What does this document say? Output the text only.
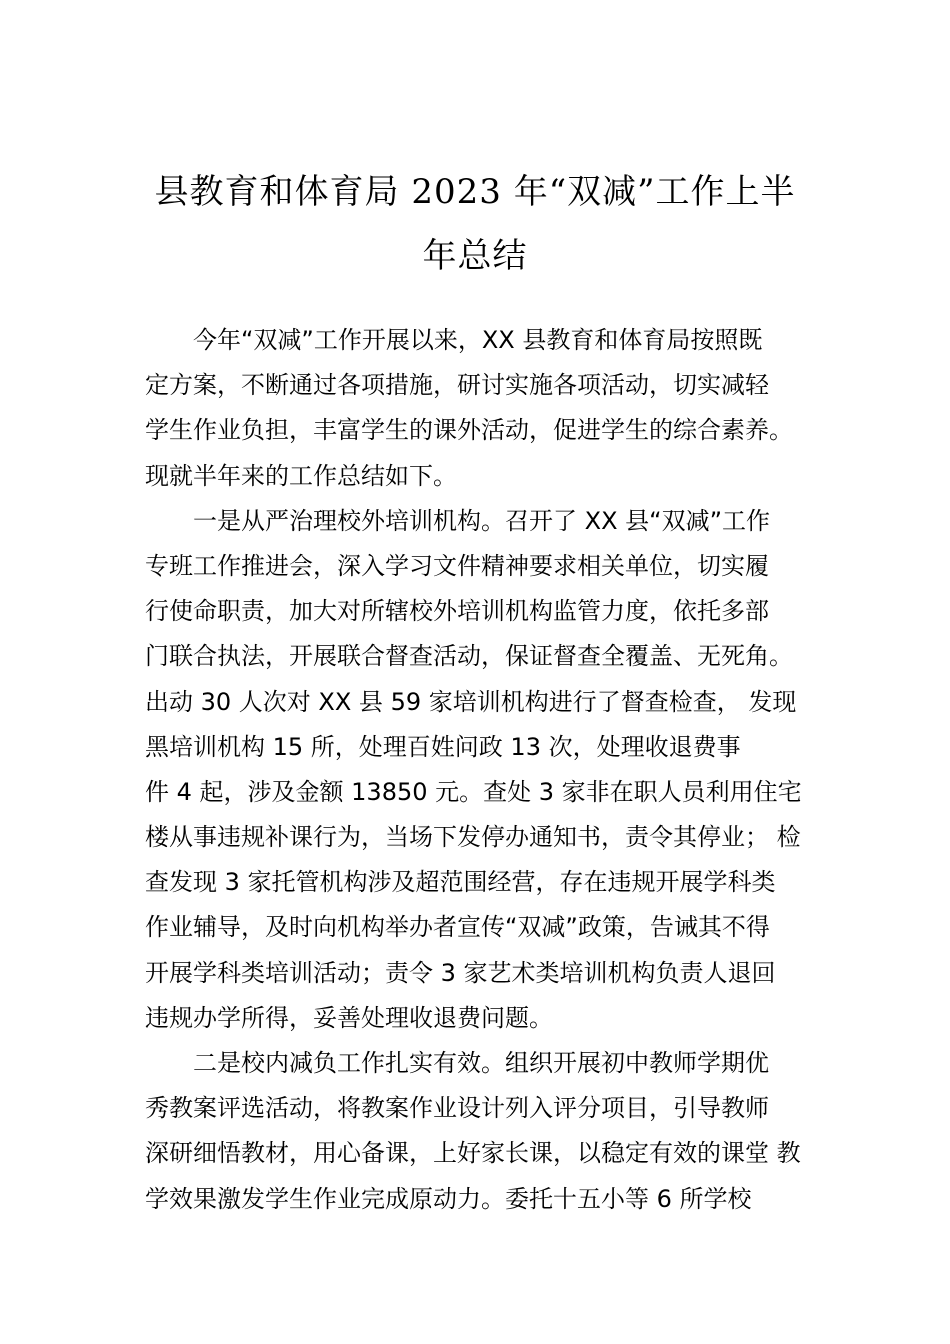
县教育和体育局 2023 年“双减”工作上半
年总结
今年“双减”工作开展以来，XX 县教育和体育局按照既
定方案，不断通过各项措施，研讨实施各项活动，切实减轻
学生作业负担，丰富学生的课外活动，促进学生的综合素养。
现就半年来的工作总结如下。
一是从严治理校外培训机构。召开了 XX 县“双减”工作
专班工作推进会，深入学习文件精神要求相关单位，切实履
行使命职责，加大对所辖校外培训机构监管力度，依托多部
门联合执法，开展联合督查活动，保证督查全覆盖、无死角。
出动 30 人次对 XX 县 59 家培训机构进行了督查检查， 发现
黑培训机构 15 所，处理百姓问政 13 次，处理收退费事
件 4 起，涉及金额 13850 元。查处 3 家非在职人员利用住宅
楼从事违规补课行为，当场下发停办通知书，责令其停业； 检
查发现 3 家托管机构涉及超范围经营，存在违规开展学科类
作业辅导，及时向机构举办者宣传“双减”政策，告诫其不得
开展学科类培训活动；责令 3 家艺术类培训机构负责人退回
违规办学所得，妥善处理收退费问题。
二是校内减负工作扎实有效。组织开展初中教师学期优
秀教案评选活动，将教案作业设计列入评分项目，引导教师
深研细悟教材，用心备课，上好家长课，以稳定有效的课堂 教
学效果激发学生作业完成原动力。委托十五小等 6 所学校
